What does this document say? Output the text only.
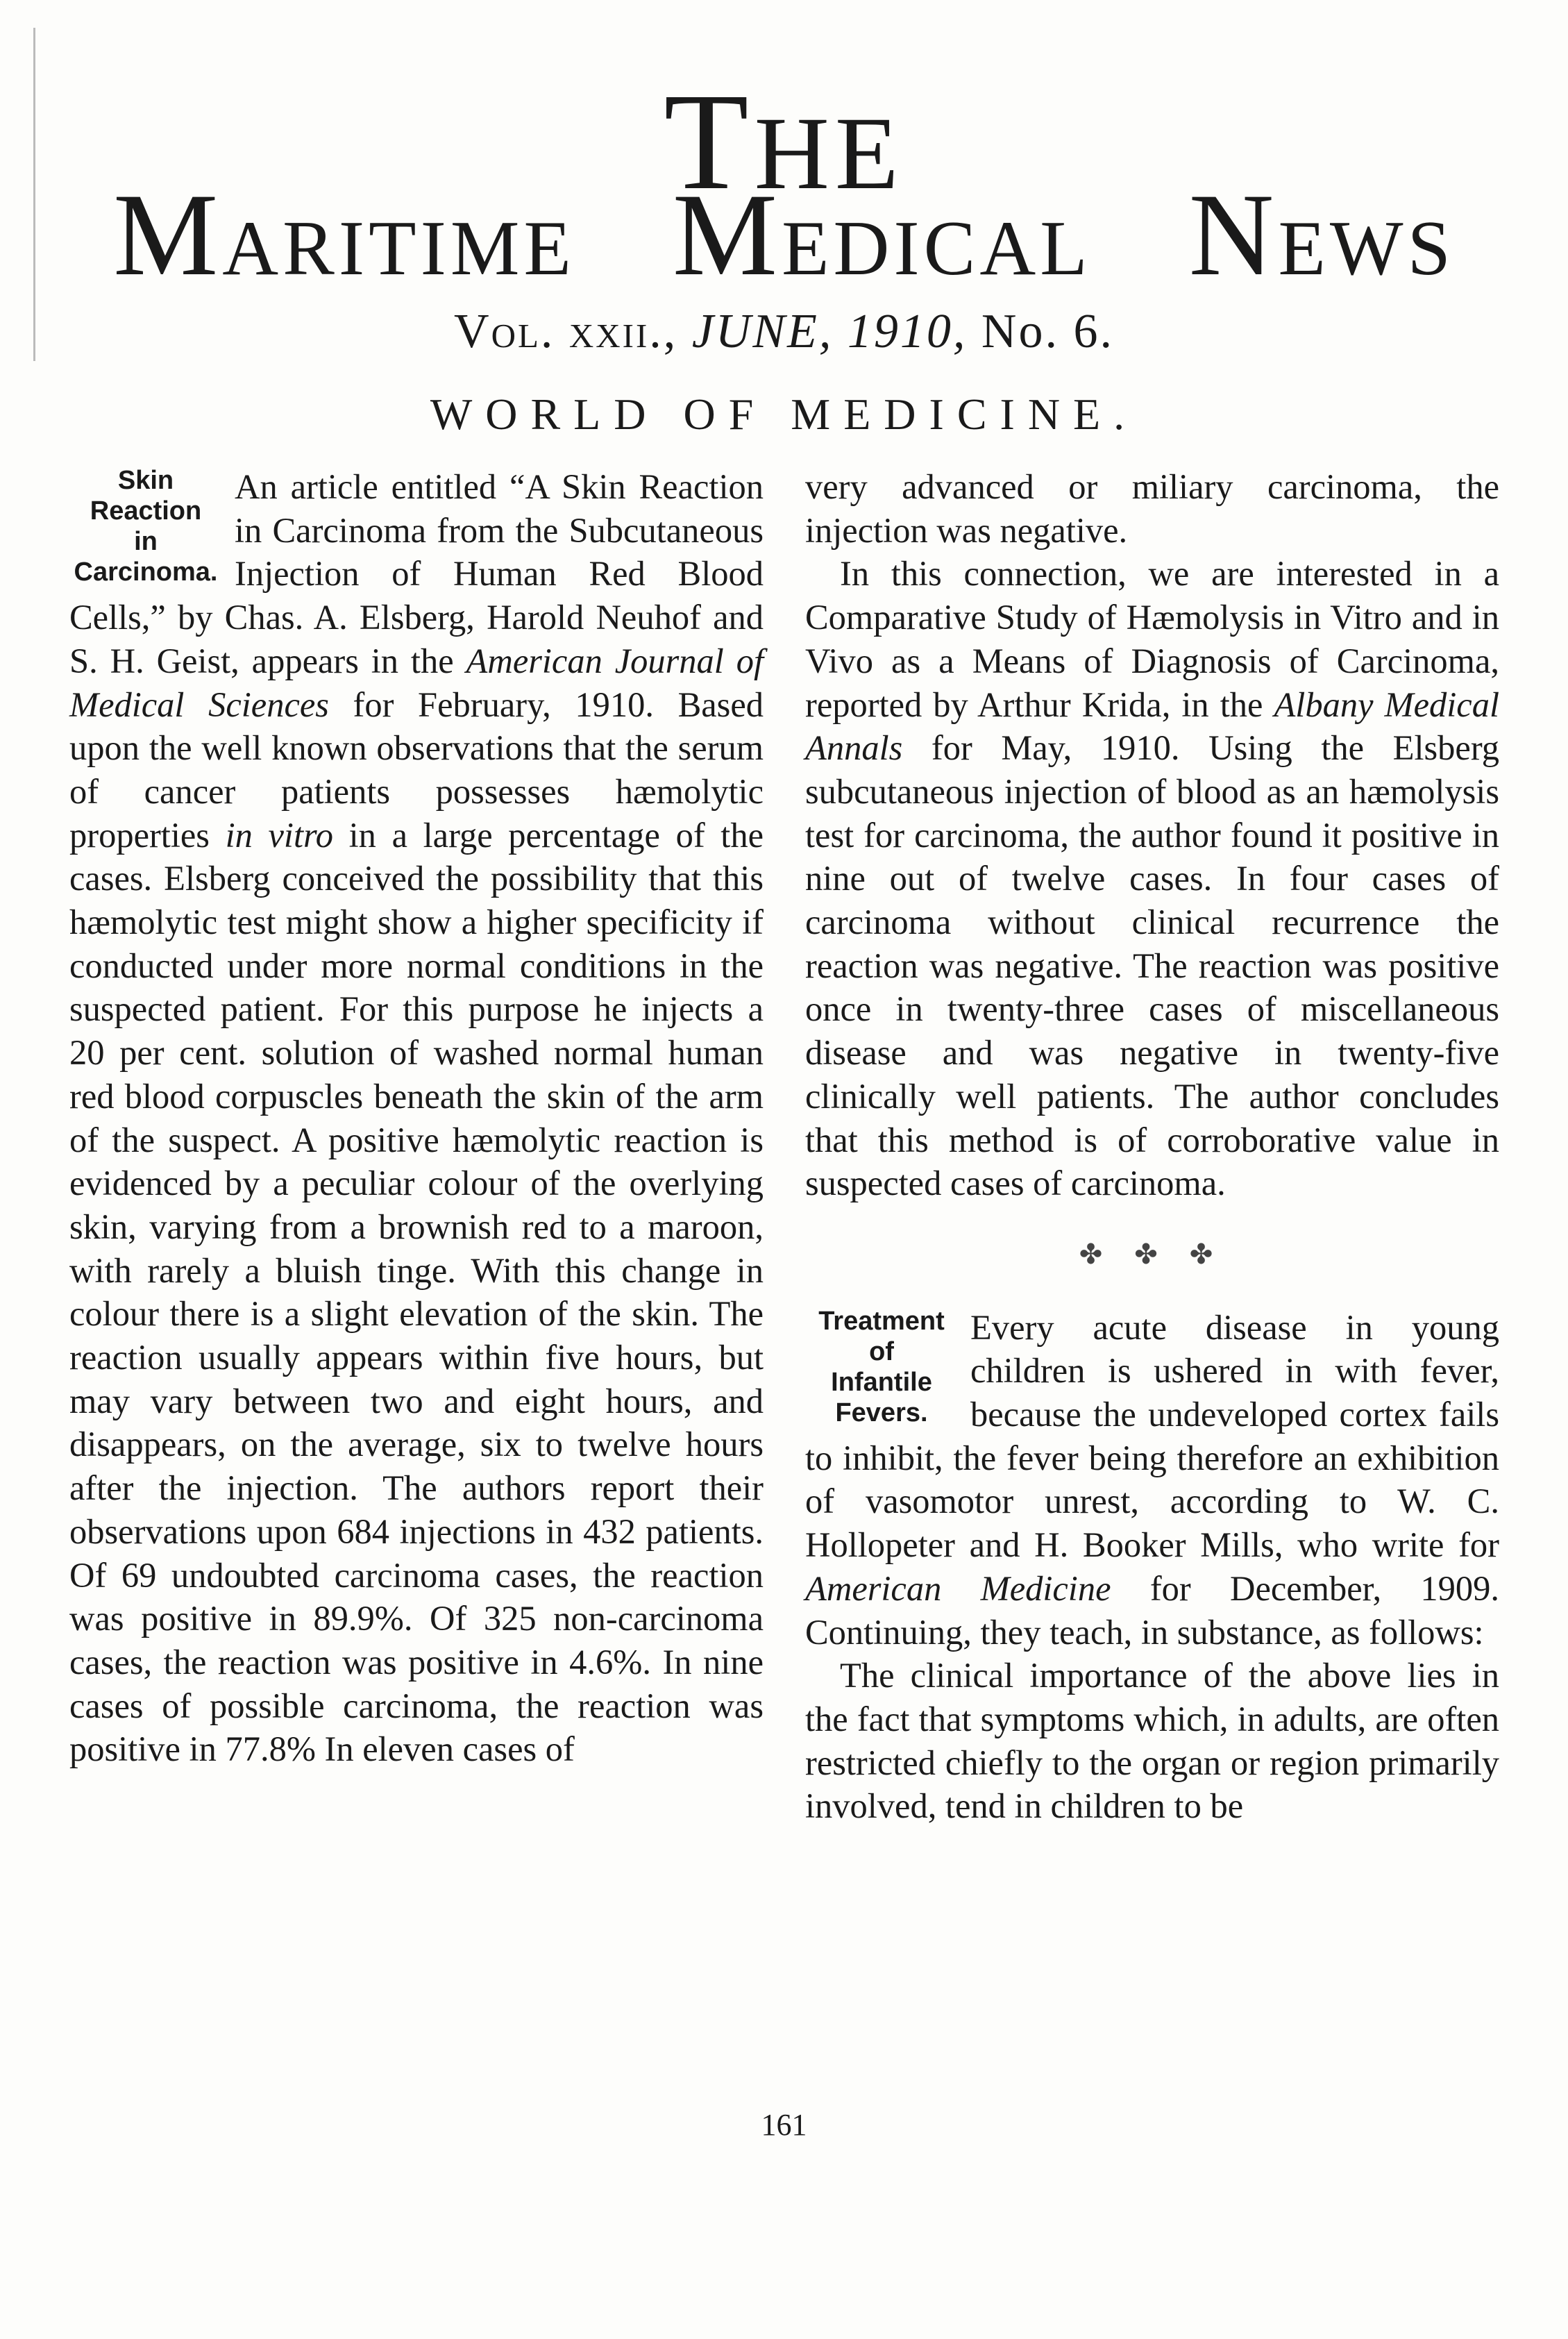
THE
MARITIME MEDICAL NEWS
Vol. xxii., JUNE, 1910, No. 6.
WORLD OF MEDICINE.
Skin
Reaction
in
Carcinoma.

An article entitled “A Skin Reaction in Carcinoma from the Subcutaneous Injection of Human Red Blood Cells,” by Chas. A. Elsberg, Harold Neuhof and S. H. Geist, appears in the American Journal of Medical Sciences for February, 1910. Based upon the well known observations that the serum of cancer patients possesses hæmolytic properties in vitro in a large percentage of the cases. Elsberg conceived the possibility that this hæmolytic test might show a higher specificity if conducted under more normal conditions in the suspected patient. For this purpose he injects a 20 per cent. solution of washed normal human red blood corpuscles beneath the skin of the arm of the suspect. A positive hæmolytic reaction is evidenced by a peculiar colour of the overlying skin, varying from a brownish red to a maroon, with rarely a bluish tinge. With this change in colour there is a slight elevation of the skin. The reaction usually appears within five hours, but may vary between two and eight hours, and disappears, on the average, six to twelve hours after the injection. The authors report their observations upon 684 injections in 432 patients. Of 69 undoubted carcinoma cases, the reaction was positive in 89.9%. Of 325 non-carcinoma cases, the reaction was positive in 4.6%. In nine cases of possible carcinoma, the reaction was positive in 77.8% In eleven cases of

very advanced or miliary carcinoma, the injection was negative.

In this connection, we are interested in a Comparative Study of Hæmolysis in Vitro and in Vivo as a Means of Diagnosis of Carcinoma, reported by Arthur Krida, in the Albany Medical Annals for May, 1910. Using the Elsberg subcutaneous injection of blood as an hæmolysis test for carcinoma, the author found it positive in nine out of twelve cases. In four cases of carcinoma without clinical recurrence the reaction was negative. The reaction was positive once in twenty-three cases of miscellaneous disease and was negative in twenty-five clinically well patients. The author concludes that this method is of corroborative value in suspected cases of carcinoma.

✤ ✤ ✤
Treatment
of
Infantile
Fevers.

Every acute disease in young children is ushered in with fever, because the undeveloped cortex fails to inhibit, the fever being therefore an exhibition of vasomotor unrest, according to W. C. Hollopeter and H. Booker Mills, who write for American Medicine for December, 1909. Continuing, they teach, in substance, as follows:

The clinical importance of the above lies in the fact that symptoms which, in adults, are often restricted chiefly to the organ or region primarily involved, tend in children to be

161
